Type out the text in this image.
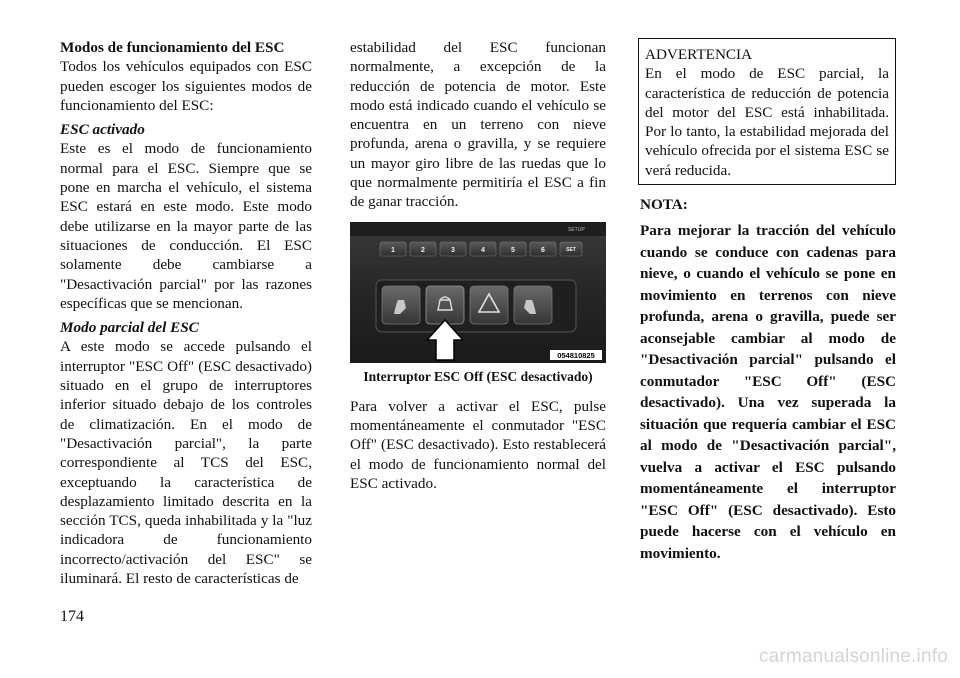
Modos de funcionamiento del ESC

Todos los vehículos equipados con ESC pueden escoger los siguientes modos de funcionamiento del ESC:

ESC activado

Este es el modo de funcionamiento normal para el ESC. Siempre que se pone en marcha el vehículo, el sistema ESC estará en este modo. Este modo debe utilizarse en la mayor parte de las situaciones de conducción. El ESC solamente debe cambiarse a "Desactivación parcial" por las razones específicas que se mencionan.

Modo parcial del ESC

A este modo se accede pulsando el interruptor "ESC Off" (ESC desactivado) situado en el grupo de interruptores inferior situado debajo de los controles de climatización. En el modo de "Desactivación parcial", la parte correspondiente al TCS del ESC, exceptuando la característica de desplazamiento limitado descrita en la sección TCS, queda inhabilitada y la "luz indicadora de funcionamiento incorrecto/activación del ESC" se iluminará. El resto de características de

estabilidad del ESC funcionan normalmente, a excepción de la reducción de potencia de motor. Este modo está indicado cuando el vehículo se encuentra en un terreno con nieve profunda, arena o gravilla, y se requiere un mayor giro libre de las ruedas que lo que normalmente permitiría el ESC a fin de ganar tracción.

1	2	3	4	5	6	SET
SETUP
054810825
Interruptor ESC Off (ESC desactivado)

Para volver a activar el ESC, pulse momentáneamente el conmutador "ESC Off" (ESC desactivado). Esto restablecerá el modo de funcionamiento normal del ESC activado.

ADVERTENCIA

En el modo de ESC parcial, la característica de reducción de potencia del motor del ESC está inhabilitada. Por lo tanto, la estabilidad mejorada del vehículo ofrecida por el sistema ESC se verá reducida.

NOTA:

Para mejorar la tracción del vehículo cuando se conduce con cadenas para nieve, o cuando el vehículo se pone en movimiento en terrenos con nieve profunda, arena o gravilla, puede ser aconsejable cambiar al modo de "Desactivación parcial" pulsando el conmutador "ESC Off" (ESC desactivado). Una vez superada la situación que requería cambiar el ESC al modo de "Desactivación parcial", vuelva a activar el ESC pulsando momentáneamente el interruptor "ESC Off" (ESC desactivado). Esto puede hacerse con el vehículo en movimiento.

174
carmanualsonline.info
